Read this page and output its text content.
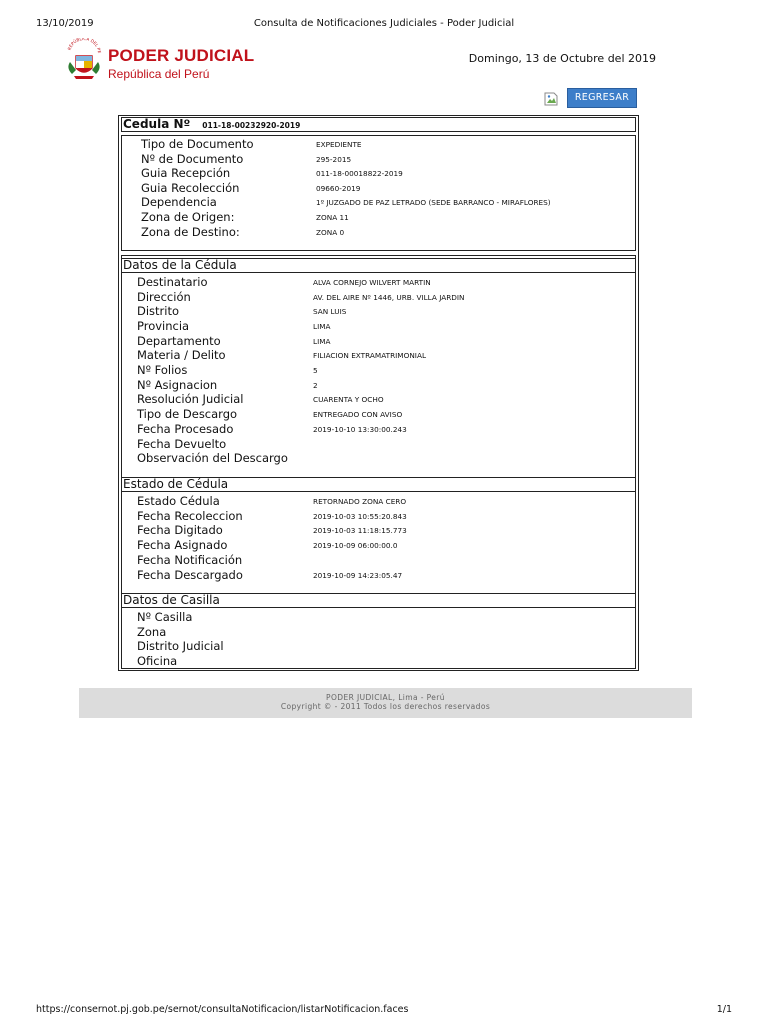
13/10/2019	Consulta de Notificaciones Judiciales - Poder Judicial
REPÚBLICA DEL PE PODER JUDICIAL
República del Perú
Domingo, 13 de Octubre del 2019
REGRESAR
Cedula Nº 011-18-00232920-2019
Tipo de Documento	EXPEDIENTE
Nº de Documento	295-2015
Guia Recepción	011-18-00018822-2019
Guia Recolección	09660-2019
Dependencia	1º JUZGADO DE PAZ LETRADO (SEDE BARRANCO - MIRAFLORES)
Zona de Origen:	ZONA 11
Zona de Destino:	ZONA 0
Datos de la Cédula
Destinatario	ALVA CORNEJO WILVERT MARTIN
Dirección	AV. DEL AIRE Nº 1446, URB. VILLA JARDIN
Distrito	SAN LUIS
Provincia	LIMA
Departamento	LIMA
Materia / Delito	FILIACION EXTRAMATRIMONIAL
Nº Folios	5
Nº Asignacion	2
Resolución Judicial	CUARENTA Y OCHO
Tipo de Descargo	ENTREGADO CON AVISO
Fecha Procesado	2019-10-10 13:30:00.243
Fecha Devuelto
Observación del Descargo
Estado de Cédula
Estado Cédula	RETORNADO ZONA CERO
Fecha Recoleccion	2019-10-03 10:55:20.843
Fecha Digitado	2019-10-03 11:18:15.773
Fecha Asignado	2019-10-09 06:00:00.0
Fecha Notificación
Fecha Descargado	2019-10-09 14:23:05.47
Datos de Casilla
Nº Casilla
Zona
Distrito Judicial
Oficina
PODER JUDICIAL, Lima - Perú
Copyright © - 2011 Todos los derechos reservados
https://consernot.pj.gob.pe/sernot/consultaNotificacion/listarNotificacion.faces	1/1
